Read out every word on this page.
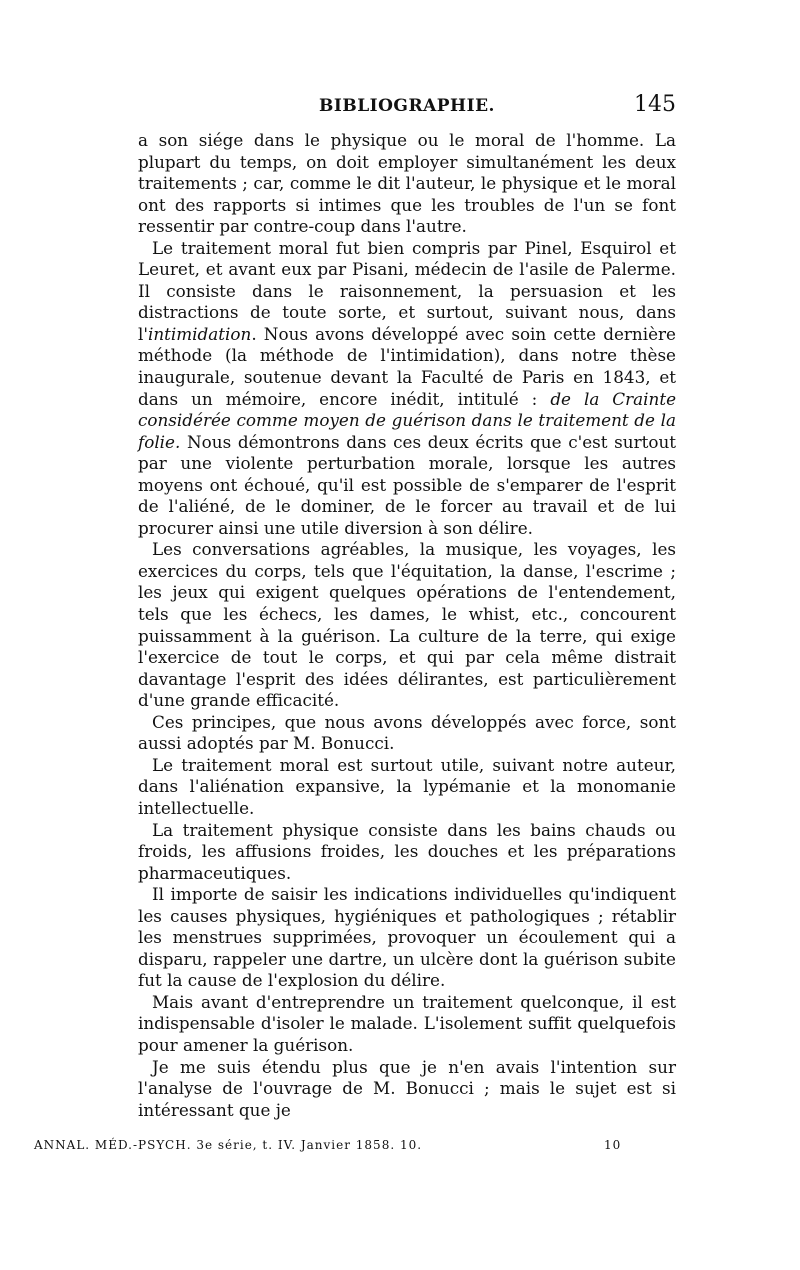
BIBLIOGRAPHIE.	145

a son siége dans le physique ou le moral de l'homme. La plupart du temps, on doit employer simultanément les deux traitements ; car, comme le dit l'auteur, le physique et le moral ont des rapports si intimes que les troubles de l'un se font ressentir par contre-coup dans l'autre.

Le traitement moral fut bien compris par Pinel, Esquirol et Leuret, et avant eux par Pisani, médecin de l'asile de Palerme. Il consiste dans le raisonnement, la persuasion et les distractions de toute sorte, et surtout, suivant nous, dans l'intimidation. Nous avons développé avec soin cette dernière méthode (la méthode de l'intimidation), dans notre thèse inaugurale, soutenue devant la Faculté de Paris en 1843, et dans un mémoire, encore inédit, intitulé : de la Crainte considérée comme moyen de guérison dans le traitement de la folie. Nous démontrons dans ces deux écrits que c'est surtout par une violente perturbation morale, lorsque les autres moyens ont échoué, qu'il est possible de s'emparer de l'esprit de l'aliéné, de le dominer, de le forcer au travail et de lui procurer ainsi une utile diversion à son délire.

Les conversations agréables, la musique, les voyages, les exercices du corps, tels que l'équitation, la danse, l'escrime ; les jeux qui exigent quelques opérations de l'entendement, tels que les échecs, les dames, le whist, etc., concourent puissamment à la guérison. La culture de la terre, qui exige l'exercice de tout le corps, et qui par cela même distrait davantage l'esprit des idées délirantes, est particulièrement d'une grande efficacité.

Ces principes, que nous avons développés avec force, sont aussi adoptés par M. Bonucci.

Le traitement moral est surtout utile, suivant notre auteur, dans l'aliénation expansive, la lypémanie et la monomanie intellectuelle.

La traitement physique consiste dans les bains chauds ou froids, les affusions froides, les douches et les préparations pharmaceutiques.

Il importe de saisir les indications individuelles qu'indiquent les causes physiques, hygiéniques et pathologiques ; rétablir les menstrues supprimées, provoquer un écoulement qui a disparu, rappeler une dartre, un ulcère dont la guérison subite fut la cause de l'explosion du délire.

Mais avant d'entreprendre un traitement quelconque, il est indispensable d'isoler le malade. L'isolement suffit quelquefois pour amener la guérison.

Je me suis étendu plus que je n'en avais l'intention sur l'analyse de l'ouvrage de M. Bonucci ; mais le sujet est si intéressant que je

ANNAL. MÉD.-PSYCH. 3e série, t. IV. Janvier 1858. 10.	10
